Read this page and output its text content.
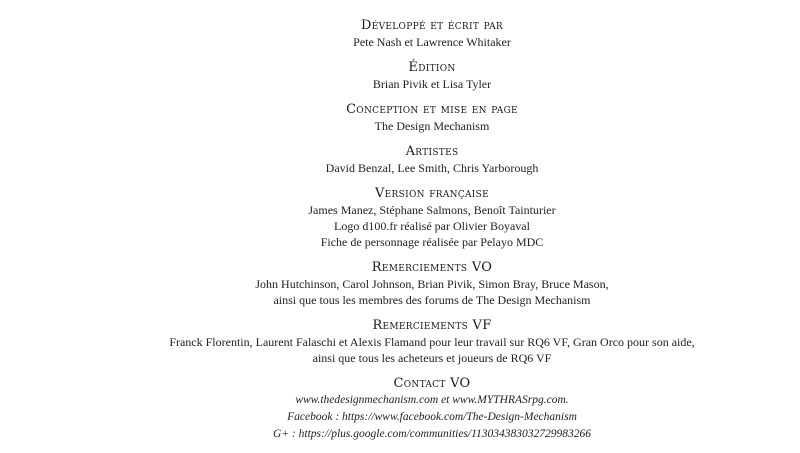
Développé et écrit par

Pete Nash et Lawrence Whitaker

Édition

Brian Pivik et Lisa Tyler

Conception et mise en page

The Design Mechanism

Artistes

David Benzal, Lee Smith, Chris Yarborough

Version française

James Manez, Stéphane Salmons, Benoît Tainturier

Logo d100.fr réalisé par Olivier Boyaval

Fiche de personnage réalisée par Pelayo MDC

Remerciements VO

John Hutchinson, Carol Johnson, Brian Pivik, Simon Bray, Bruce Mason,

ainsi que tous les membres des forums de The Design Mechanism

Remerciements VF

Franck Florentin, Laurent Falaschi et Alexis Flamand pour leur travail sur RQ6 VF, Gran Orco pour son aide,

ainsi que tous les acheteurs et joueurs de RQ6 VF

Contact VO

www.thedesignmechanism.com et www.MYTHRASrpg.com.

Facebook : https://www.facebook.com/The-Design-Mechanism

G+ : https://plus.google.com/communities/113034383032729983266
